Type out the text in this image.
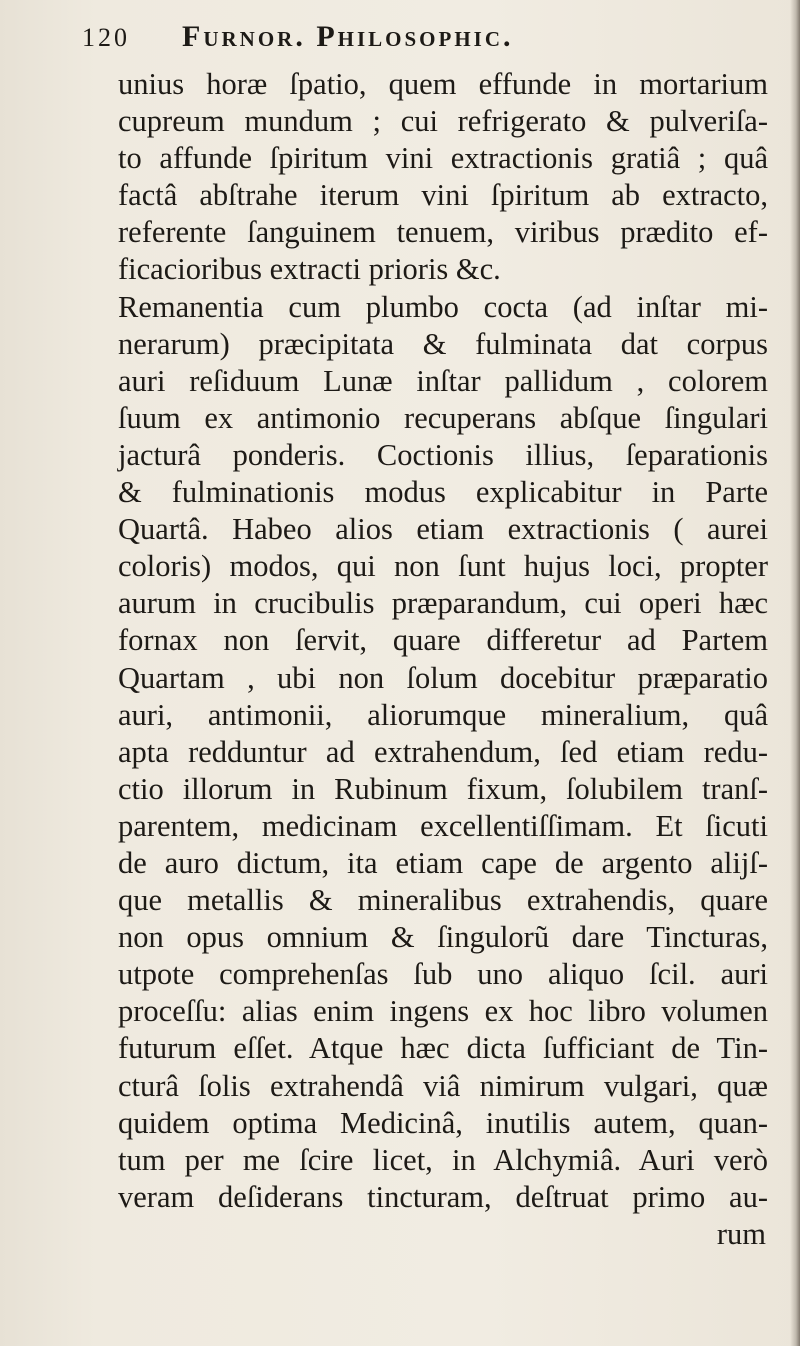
120 Furnor. Philosophic.
unius horæ ſpatio, quem effunde in mortarium
cupreum mundum ; cui refrigerato & pulveriſa-
to affunde ſpiritum vini extractionis gratiâ ; quâ
factâ abſtrahe iterum vini ſpiritum ab extracto,
referente ſanguinem tenuem, viribus prædito ef-
ficacioribus extracti prioris &c.
Remanentia cum plumbo cocta (ad inſtar mi-
nerarum) præcipitata & fulminata dat corpus
auri reſiduum Lunæ inſtar pallidum , colorem
ſuum ex antimonio recuperans abſque ſingulari
jacturâ ponderis. Coctionis illius, ſeparationis
& fulminationis modus explicabitur in Parte
Quartâ. Habeo alios etiam extractionis ( aurei
coloris) modos, qui non ſunt hujus loci, propter
aurum in crucibulis præparandum, cui operi hæc
fornax non ſervit, quare differetur ad Partem
Quartam , ubi non ſolum docebitur præparatio
auri, antimonii, aliorumque mineralium, quâ
apta redduntur ad extrahendum, ſed etiam redu-
ctio illorum in Rubinum fixum, ſolubilem tranſ-
parentem, medicinam excellentiſſimam. Et ſicuti
de auro dictum, ita etiam cape de argento alijſ-
que metallis & mineralibus extrahendis, quare
non opus omnium & ſingulorũ dare Tincturas,
utpote comprehenſas ſub uno aliquo ſcil. auri
proceſſu: alias enim ingens ex hoc libro volumen
futurum eſſet. Atque hæc dicta ſufficiant de Tin-
cturâ ſolis extrahendâ viâ nimirum vulgari, quæ
quidem optima Medicinâ, inutilis autem, quan-
tum per me ſcire licet, in Alchymiâ. Auri verò
veram deſiderans tincturam, deſtruat primo au-
rum
